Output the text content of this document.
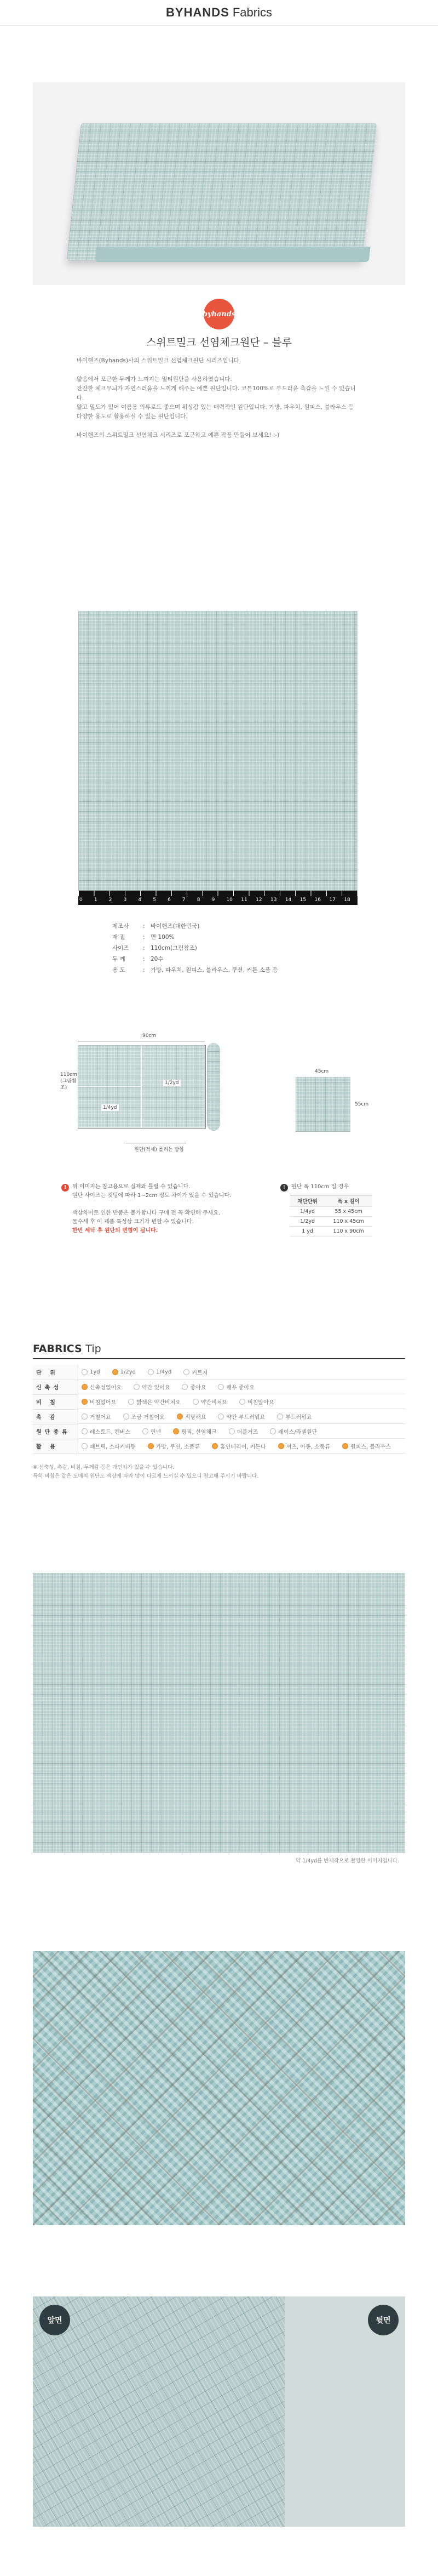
BYHANDS Fabrics
byhands
스위트밀크 선염체크원단 – 블루

바이핸즈(Byhands)사의 스위트밀크 선염체크원단 시리즈입니다.

얇음에서 포근한 두께가 느껴지는 멀티원단을 사용하였습니다.

잔잔한 체크무늬가 자연스러움을 느끼게 해주는 예쁜 원단입니다. 코튼100%로 부드러운 촉감을 느낄 수 있습니다.

얇고 밀도가 있어 여름용 의류로도 좋으며 워싱감 있는 매력적인 원단입니다. 가방, 파우치, 원피스, 블라우스 등

다양한 용도로 활용하실 수 있는 원단입니다.

바이핸즈의 스위트밀크 선염체크 시리즈로 포근하고 예쁜 작품 만들어 보세요! :-)

0	1	2	3	4	5	6	7	8	9	10	11	12	13	14	15	16	17	18
제조사	: 바이핸즈(대한민국)
재 질	: 면 100%
사이즈	: 110cm(그림참조)
두 께	: 20수
용 도	: 가방, 파우치, 원피스, 블라우스, 쿠션, 커튼 소품 등
90cm
110cm (그림참조)
1/2yd
1/4yd
원단(적세) 롤리는 방향
45cm
55cm
!	위 이미지는 참고용으로 실제와 틀릴 수 있습니다.
원단 사이즈는 컷팅에 따라 1~2cm 정도 차이가 있을 수 있습니다.

색상차이로 인한 반품은 불가합니다 구매 전 꼭 확인해 주세요.
물수세 후 이 제품 특성상 크기가 변할 수 있습니다.
한번 세탁 후 원단의 변형이 됩니다.
!	원단 폭 110cm 일 경우
재단단위	폭 x 길이
1/4yd	55 x 45cm
1/2yd	110 x 45cm
1 yd	110 x 90cm
FABRICS Tip
단 위		1yd	1/2yd	1/4yd	커트지

신축성		신축성없어요	약간 있어요	좋아요	매우 좋아요

비 침		비침없어요	밝색은 약간비쳐요	약간비쳐요	비침많아요

촉 감		거칠어요	조금 거칠어요	적당해요	약간 부드러워요	부드러워요

원단종류		레스토드, 캔버스	린넨	평직, 선염체크	더블거즈	레이스/라셀원단

활 용		패브릭, 소파커버등	가방, 쿠션, 소품류	홈인테리어, 커튼다	셔츠, 아동, 소품류	원피스, 블라우스
※ 신축성, 촉감, 비침, 두께감 등은 개인차가 있을 수 있습니다.
특히 비침은 같은 도매의 원단도 색상에 따라 많이 다르게 느끼실 수 있으니 참고해 주시기 바랍니다.
약 1/4yd를 반제작으로 촬영한 이미지입니다.
앞면	뒷면
